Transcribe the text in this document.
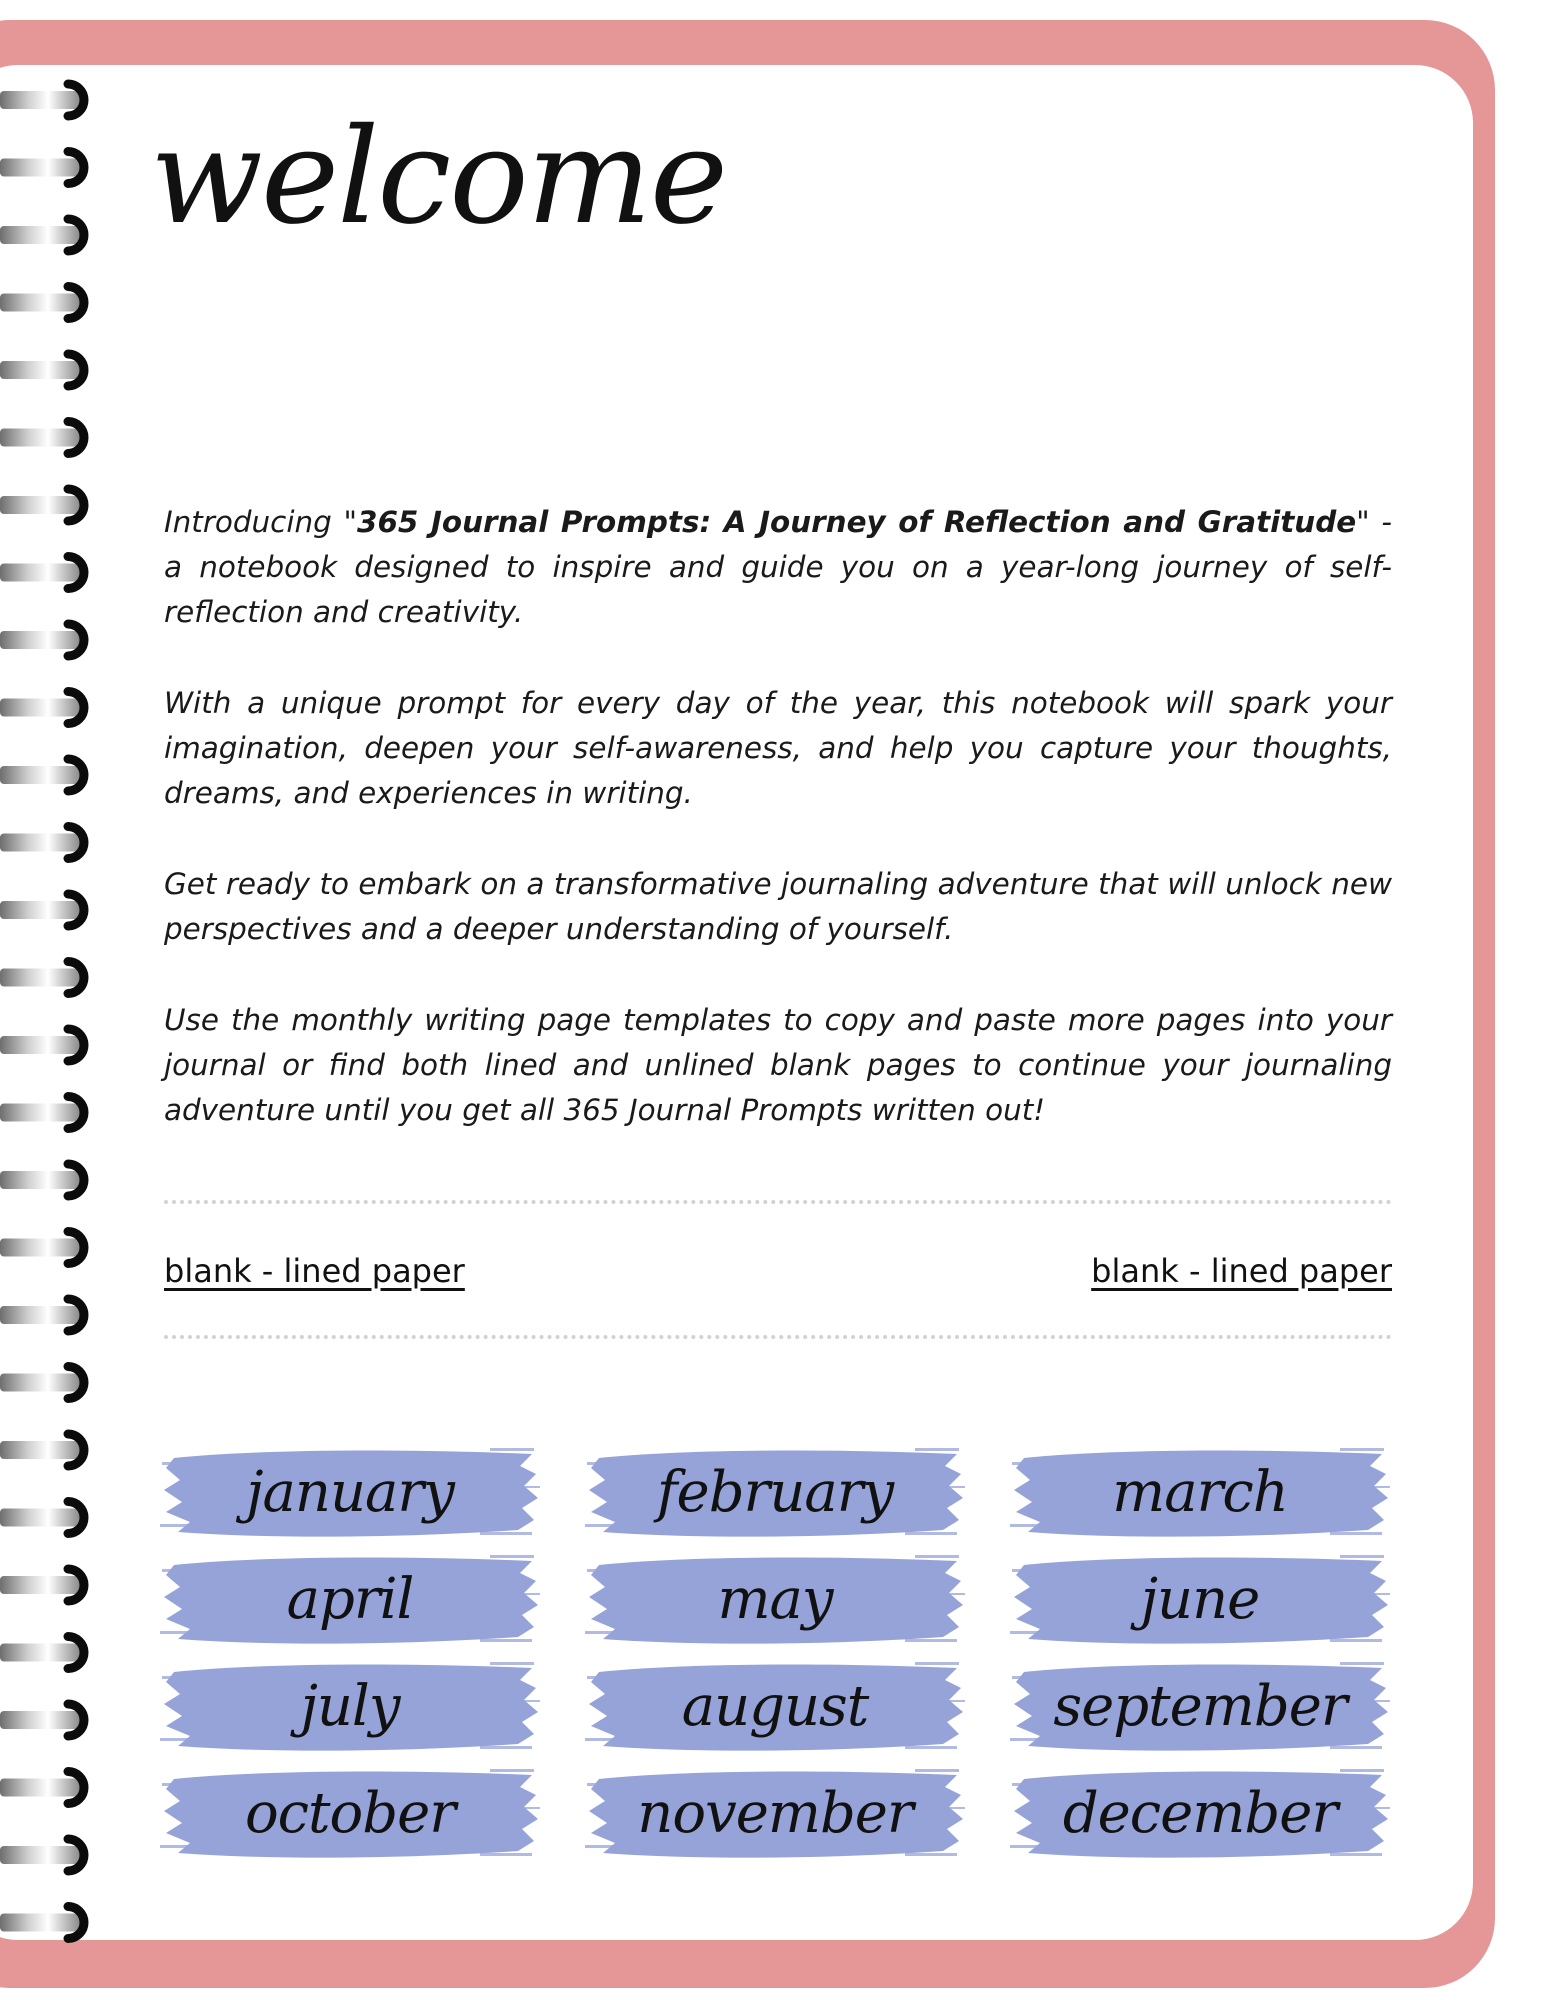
welcome

Introducing "365 Journal Prompts: A Journey of Reflection and Gratitude" - a notebook designed to inspire and guide you on a year-long journey of self-reflection and creativity.

With a unique prompt for every day of the year, this notebook will spark your imagination, deepen your self-awareness, and help you capture your thoughts, dreams, and experiences in writing.

Get ready to embark on a transformative journaling adventure that will unlock new perspectives and a deeper understanding of yourself.

Use the monthly writing page templates to copy and paste more pages into your journal or find both lined and unlined blank pages to continue your journaling adventure until you get all 365 Journal Prompts written out!

blank - lined paper	blank - lined paper
january	february	march
april	may	june
july	august	september
october	november	december
